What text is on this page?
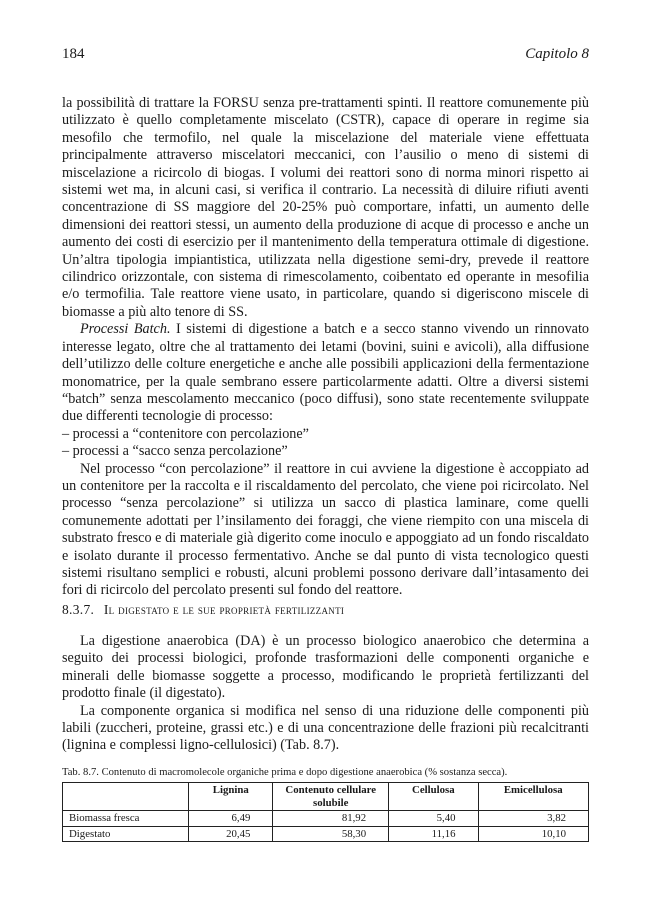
184	Capitolo 8

la possibilità di trattare la FORSU senza pre-trattamenti spinti. Il reattore comunemente più utilizzato è quello completamente miscelato (CSTR), capace di operare in regime sia mesofilo che termofilo, nel quale la miscelazione del materiale viene effettuata principalmente attraverso miscelatori meccanici, con l’ausilio o meno di sistemi di miscelazione a ricircolo di biogas. I volumi dei reattori sono di norma minori rispetto ai sistemi wet ma, in alcuni casi, si verifica il contrario. La necessità di diluire rifiuti aventi concentrazione di SS maggiore del 20-25% può comportare, infatti, un aumento delle dimensioni dei reattori stessi, un aumento della produzione di acque di processo e anche un aumento dei costi di esercizio per il mantenimento della temperatura ottimale di digestione. Un’altra tipologia impiantistica, utilizzata nella digestione semi-dry, prevede il reattore cilindrico orizzontale, con sistema di rimescolamento, coibentato ed operante in mesofilia e/o termofilia. Tale reattore viene usato, in particolare, quando si digeriscono miscele di biomasse a più alto tenore di SS.

Processi Batch. I sistemi di digestione a batch e a secco stanno vivendo un rinnovato interesse legato, oltre che al trattamento dei letami (bovini, suini e avicoli), alla diffusione dell’utilizzo delle colture energetiche e anche alle possibili applicazioni della fermentazione monomatrice, per la quale sembrano essere particolarmente adatti. Oltre a diversi sistemi “batch” senza mescolamento meccanico (poco diffusi), sono state recentemente sviluppate due differenti tecnologie di processo:

– processi a “contenitore con percolazione”
– processi a “sacco senza percolazione”

Nel processo “con percolazione” il reattore in cui avviene la digestione è accoppiato ad un contenitore per la raccolta e il riscaldamento del percolato, che viene poi ricircolato. Nel processo “senza percolazione” si utilizza un sacco di plastica laminare, come quelli comunemente adottati per l’insilamento dei foraggi, che viene riempito con una miscela di substrato fresco e di materiale già digerito come inoculo e appoggiato ad un fondo riscaldato e isolato durante il processo fermentativo. Anche se dal punto di vista tecnologico questi sistemi risultano semplici e robusti, alcuni problemi possono derivare dall’intasamento dei fori di ricircolo del percolato presenti sul fondo del reattore.

8.3.7. Il digestato e le sue proprietà fertilizzanti

La digestione anaerobica (DA) è un processo biologico anaerobico che determina a seguito dei processi biologici, profonde trasformazioni delle componenti organiche e minerali delle biomasse soggette a processo, modificando le proprietà fertilizzanti del prodotto finale (il digestato).

La componente organica si modifica nel senso di una riduzione delle componenti più labili (zuccheri, proteine, grassi etc.) e di una concentrazione delle frazioni più recalcitranti (lignina e complessi ligno-cellulosici) (Tab. 8.7).

Tab. 8.7. Contenuto di macromolecole organiche prima e dopo digestione anaerobica (% sostanza secca).
	Lignina	Contenuto cellulare solubile	Cellulosa	Emicellulosa
Biomassa fresca	6,49	81,92	5,40	3,82
Digestato	20,45	58,30	11,16	10,10
